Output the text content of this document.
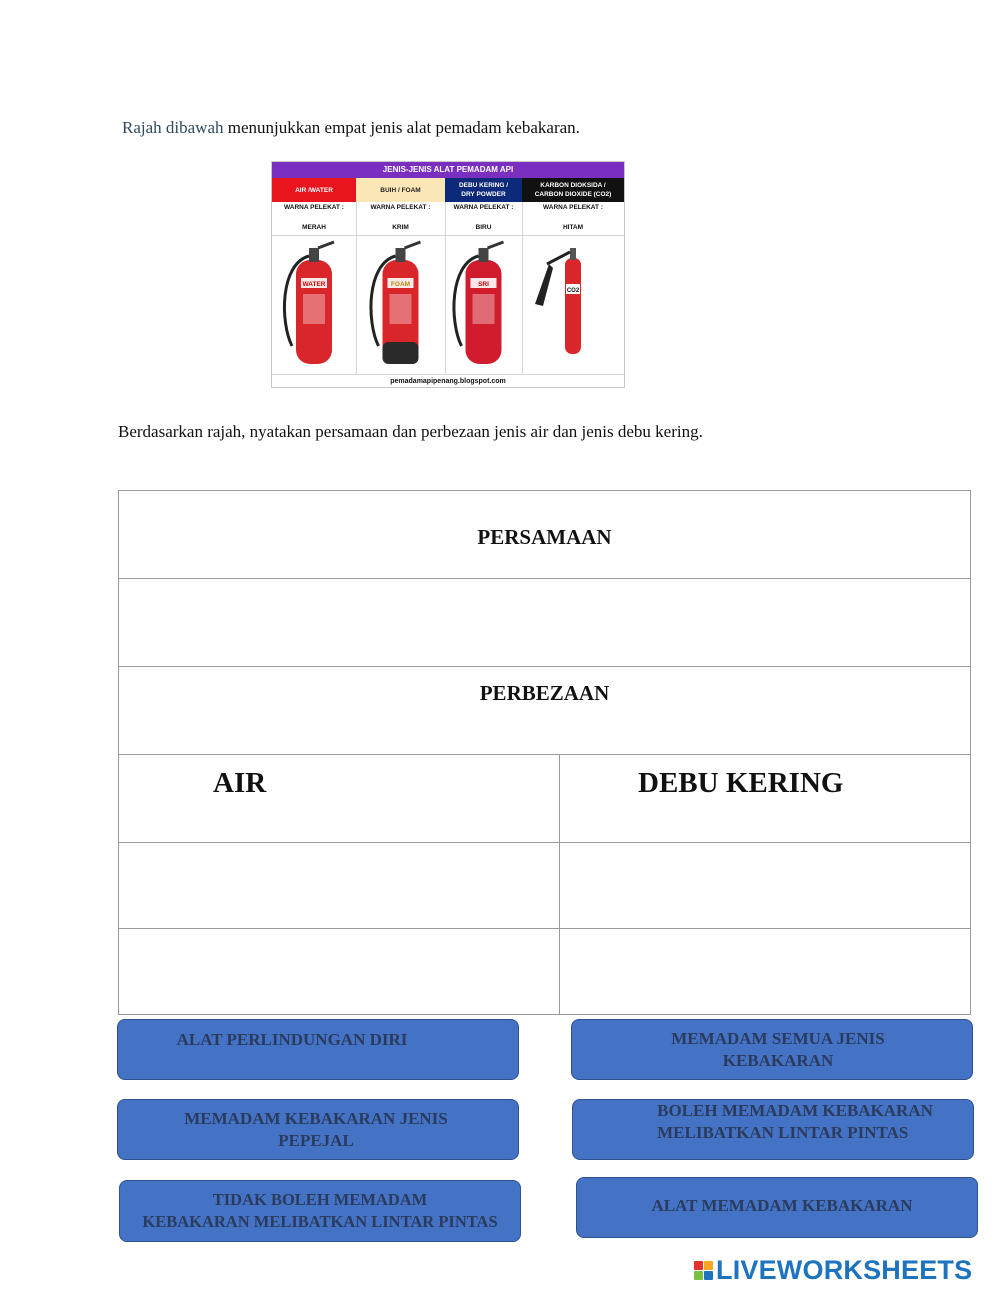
Rajah dibawah menunjukkan empat jenis alat pemadam kebakaran.
JENIS-JENIS ALAT PEMADAM API
pemadamapipenang.blogspot.com
AIR /WATER
WARNA PELEKAT :
MERAH
WATER
BUIH / FOAM
WARNA PELEKAT :
KRIM
FOAM
DEBU KERING /
DRY POWDER
WARNA PELEKAT :
BIRU
SRI
KARBON DIOKSIDA /
CARBON DIOXIDE (CO2)
WARNA PELEKAT :
HITAM
CO2
Berdasarkan rajah, nyatakan persamaan dan perbezaan jenis air dan jenis debu kering.
PERSAMAAN
PERBEZAAN
AIR	DEBU KERING
ALAT PERLINDUNGAN DIRI	MEMADAM SEMUA JENIS
KEBAKARAN
MEMADAM KEBAKARAN JENIS
PEPEJAL
BOLEH MEMADAM KEBAKARAN
MELIBATKAN LINTAR PINTAS
TIDAK BOLEH MEMADAM
KEBAKARAN MELIBATKAN LINTAR PINTAS
ALAT MEMADAM KEBAKARAN
LIVEWORKSHEETS
